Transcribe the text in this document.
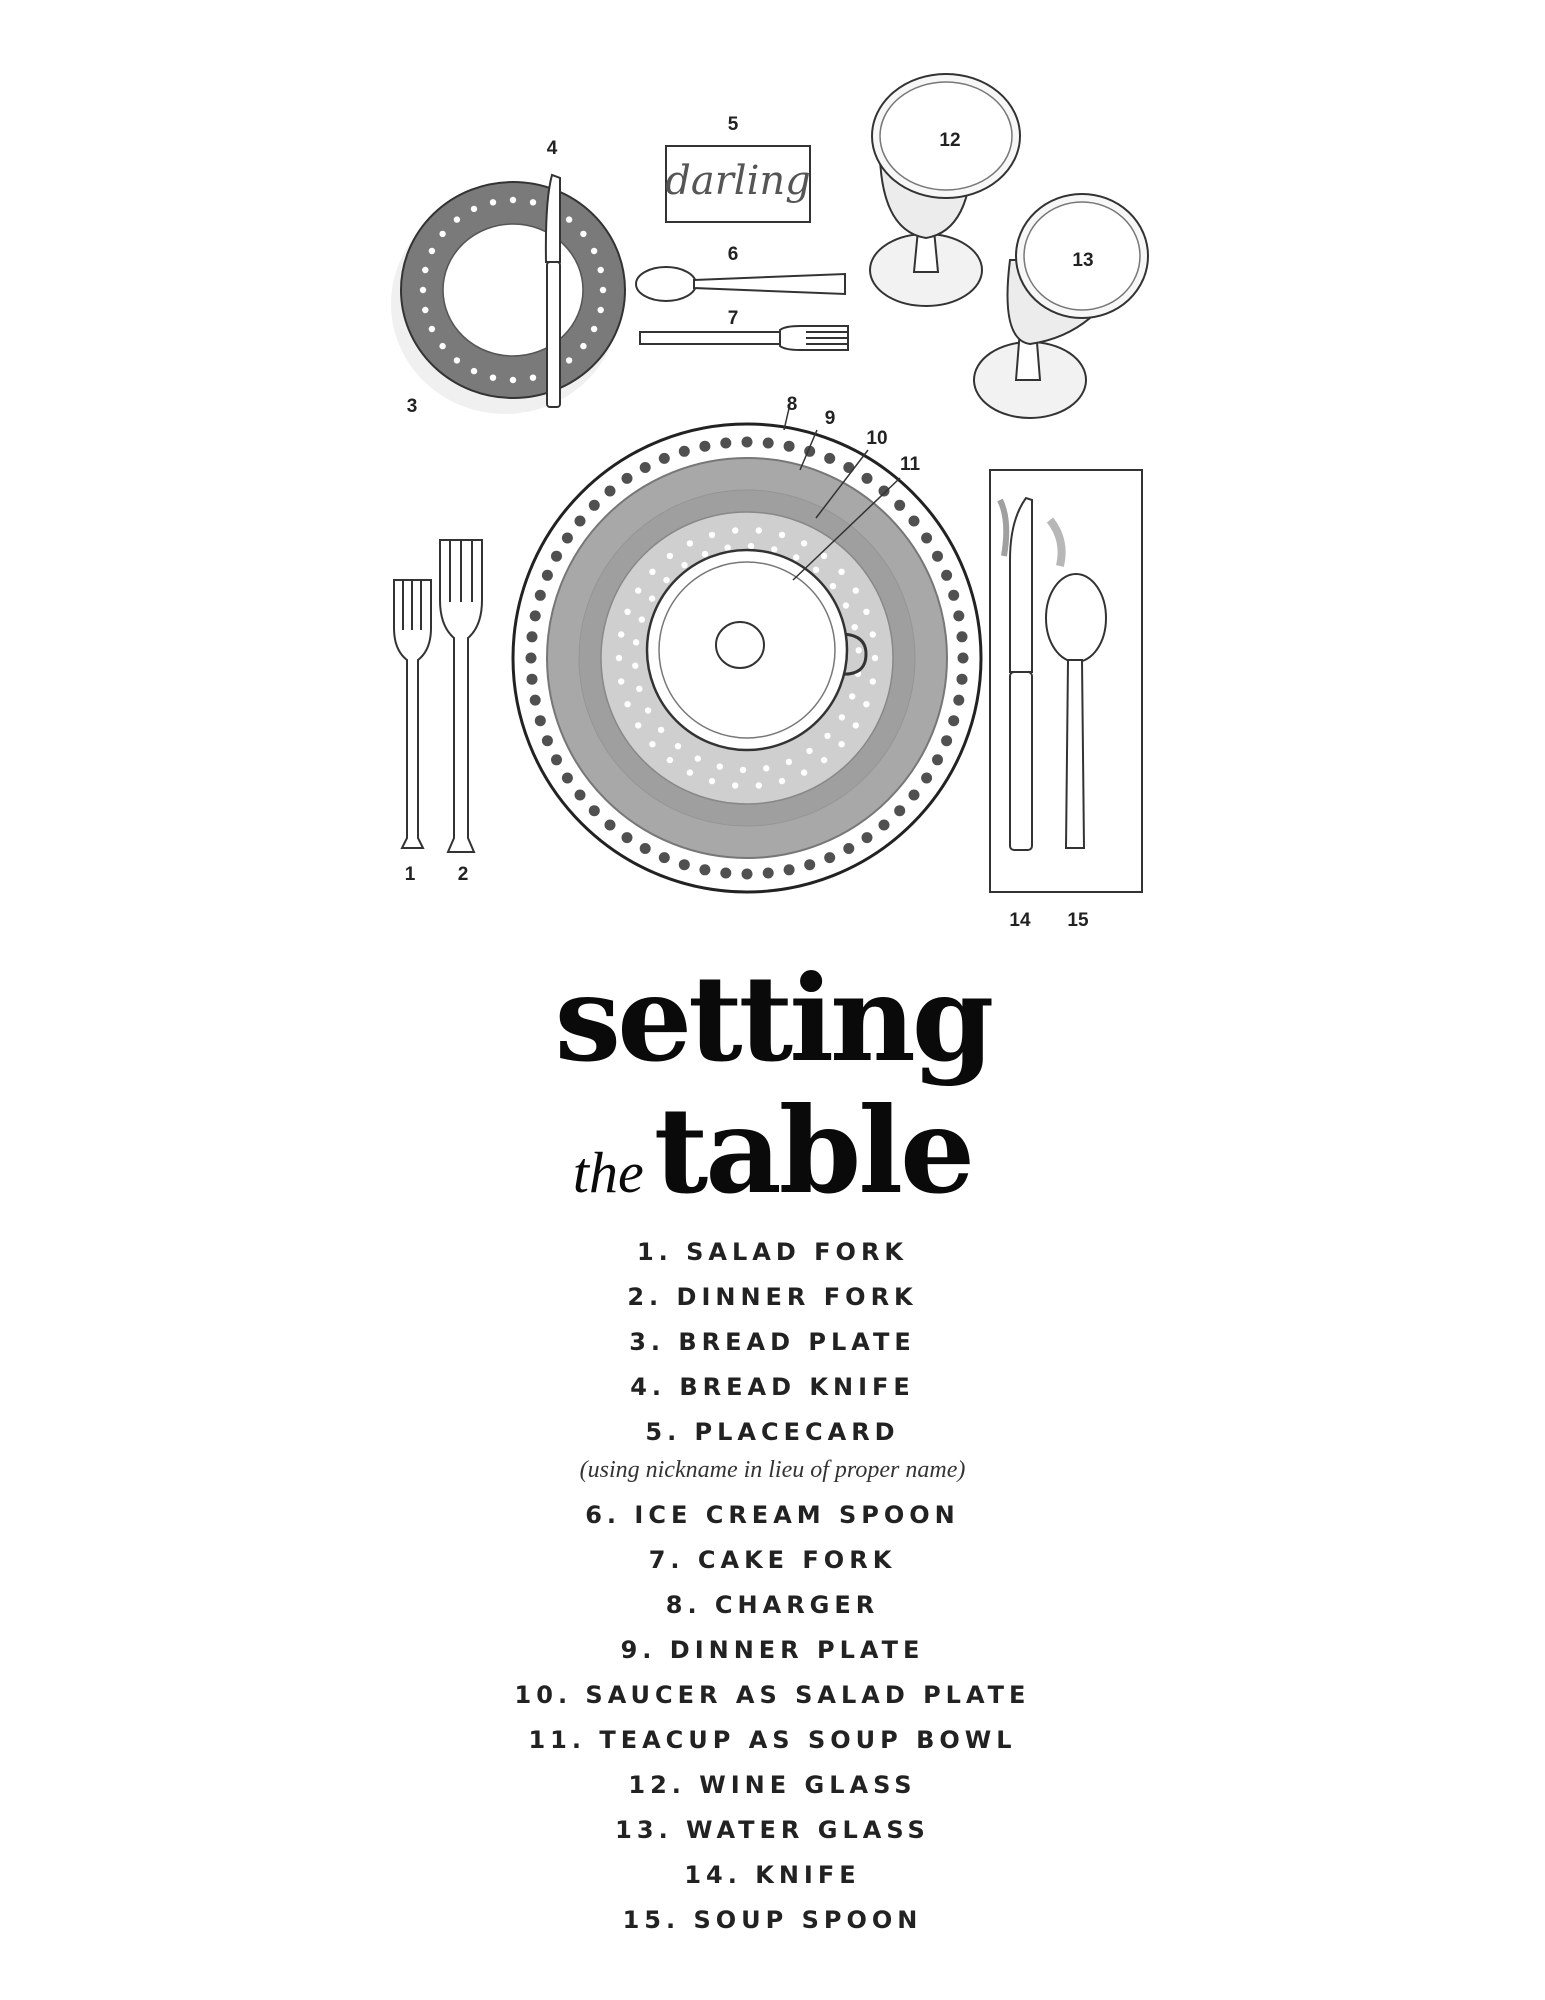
darling
1 2
3
4
5
6
7
8
9
10
11
12
13
14 15
setting
thetable
1. SALAD FORK
2. DINNER FORK
3. BREAD PLATE
4. BREAD KNIFE
5. PLACECARD
(using nickname in lieu of proper name)
6. ICE CREAM SPOON
7. CAKE FORK
8. CHARGER
9. DINNER PLATE
10. SAUCER AS SALAD PLATE
11. TEACUP AS SOUP BOWL
12. WINE GLASS
13. WATER GLASS
14. KNIFE
15. SOUP SPOON
